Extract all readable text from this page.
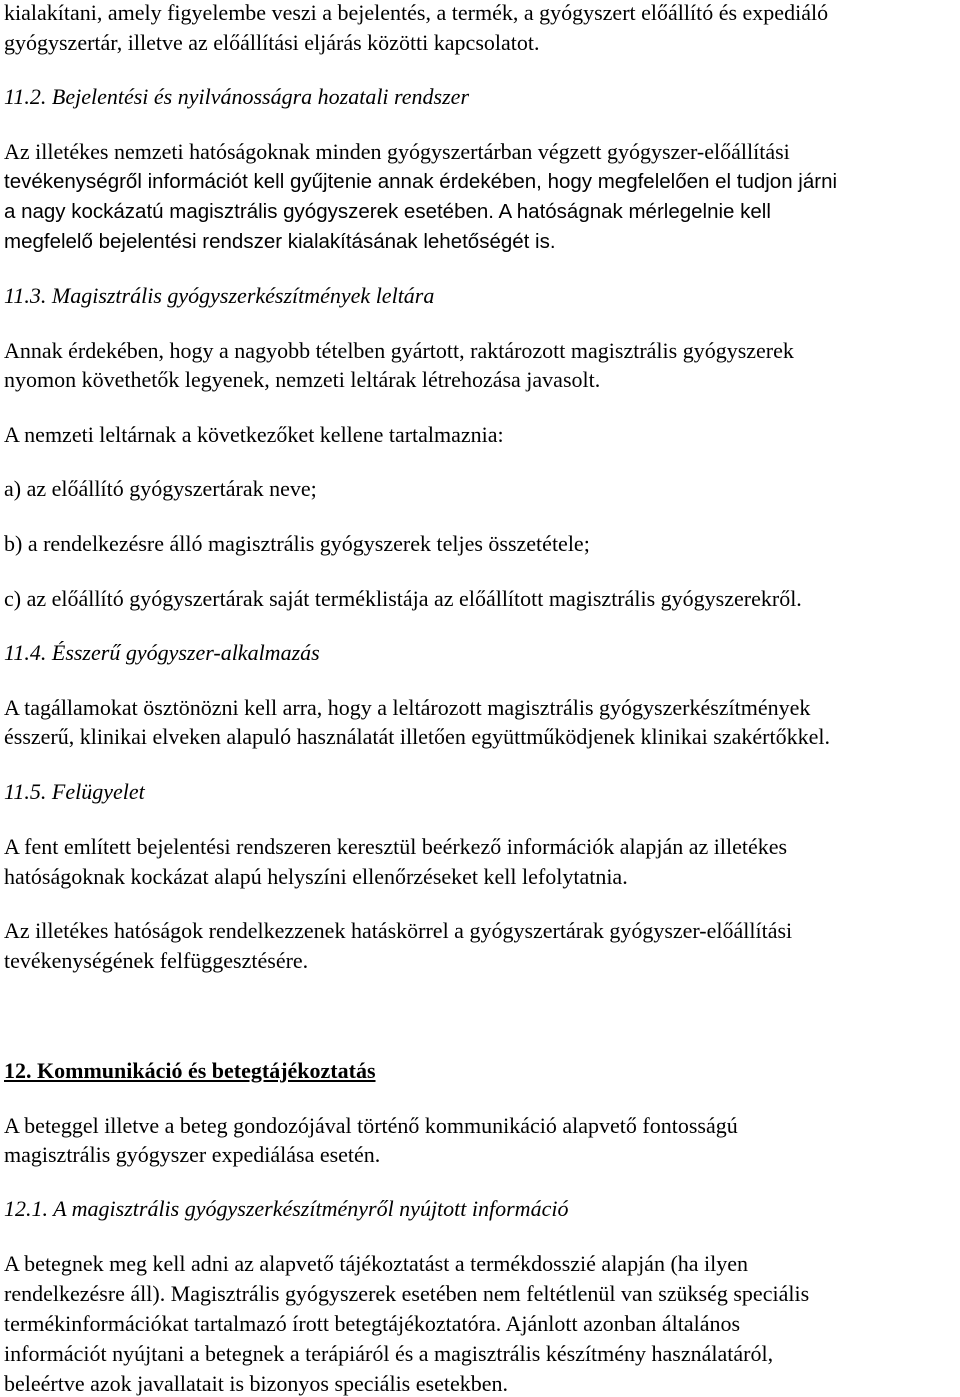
kialakítani, amely figyelembe veszi a bejelentés, a termék, a gyógyszert előállító és expediáló
gyógyszertár, illetve az előállítási eljárás közötti kapcsolatot.
11.2. Bejelentési és nyilvánosságra hozatali rendszer
Az illetékes nemzeti hatóságoknak minden gyógyszertárban végzett gyógyszer-előállítási
tevékenységről információt kell gyűjtenie annak érdekében, hogy megfelelően el tudjon járni
a nagy kockázatú magisztrális gyógyszerek esetében. A hatóságnak mérlegelnie kell
megfelelő bejelentési rendszer kialakításának lehetőségét is.
11.3. Magisztrális gyógyszerkészítmények leltára
Annak érdekében, hogy a nagyobb tételben gyártott, raktározott magisztrális gyógyszerek
nyomon követhetők legyenek, nemzeti leltárak létrehozása javasolt.
A nemzeti leltárnak a következőket kellene tartalmaznia:
a) az előállító gyógyszertárak neve;
b) a rendelkezésre álló magisztrális gyógyszerek teljes összetétele;
c) az előállító gyógyszertárak saját terméklistája az előállított magisztrális gyógyszerekről.
11.4. Ésszerű gyógyszer-alkalmazás
A tagállamokat ösztönözni kell arra, hogy a leltározott magisztrális gyógyszerkészítmények
ésszerű, klinikai elveken alapuló használatát illetően együttműködjenek klinikai szakértőkkel.
11.5. Felügyelet
A fent említett bejelentési rendszeren keresztül beérkező információk alapján az illetékes
hatóságoknak kockázat alapú helyszíni ellenőrzéseket kell lefolytatnia.
Az illetékes hatóságok rendelkezzenek hatáskörrel a gyógyszertárak gyógyszer-előállítási
tevékenységének felfüggesztésére.
12. Kommunikáció és betegtájékoztatás
A beteggel illetve a beteg gondozójával történő kommunikáció alapvető fontosságú
magisztrális gyógyszer expediálása esetén.
12.1. A magisztrális gyógyszerkészítményről nyújtott információ
A betegnek meg kell adni az alapvető tájékoztatást a termékdosszié alapján (ha ilyen
rendelkezésre áll). Magisztrális gyógyszerek esetében nem feltétlenül van szükség speciális
termékinformációkat tartalmazó írott betegtájékoztatóra. Ajánlott azonban általános
információt nyújtani a betegnek a terápiáról és a magisztrális készítmény használatáról,
beleértve azok javallatait is bizonyos speciális esetekben.
